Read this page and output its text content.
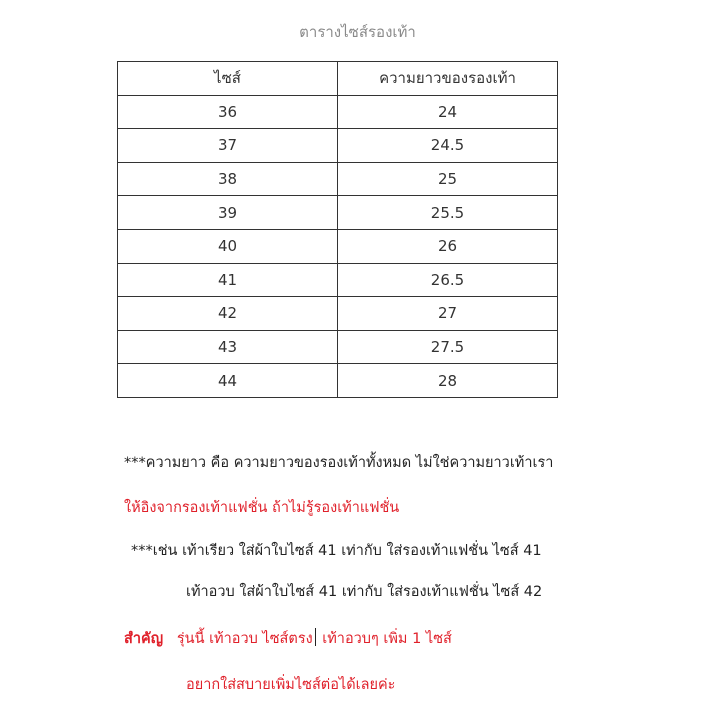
ตารางไซส์รองเท้า
ไซส์	ความยาวของรองเท้า
36	24
37	24.5
38	25
39	25.5
40	26
41	26.5
42	27
43	27.5
44	28
***ความยาว คือ ความยาวของรองเท้าทั้งหมด ไม่ใช่ความยาวเท้าเรา
ให้อิงจากรองเท้าแฟชั่น ถ้าไม่รู้รองเท้าแฟชั่น
***เช่น เท้าเรียว ใส่ผ้าใบไซส์ 41 เท่ากับ ใส่รองเท้าแฟชั่น ไซส์ 41
เท้าอวบ ใส่ผ้าใบไซส์ 41 เท่ากับ ใส่รองเท้าแฟชั่น ไซส์ 42
สำคัญ รุ่นนี้ เท้าอวบ ไซส์ตรง เท้าอวบๆ เพิ่ม 1 ไซส์
อยากใส่สบายเพิ่มไซส์ต่อได้เลยค่ะ
